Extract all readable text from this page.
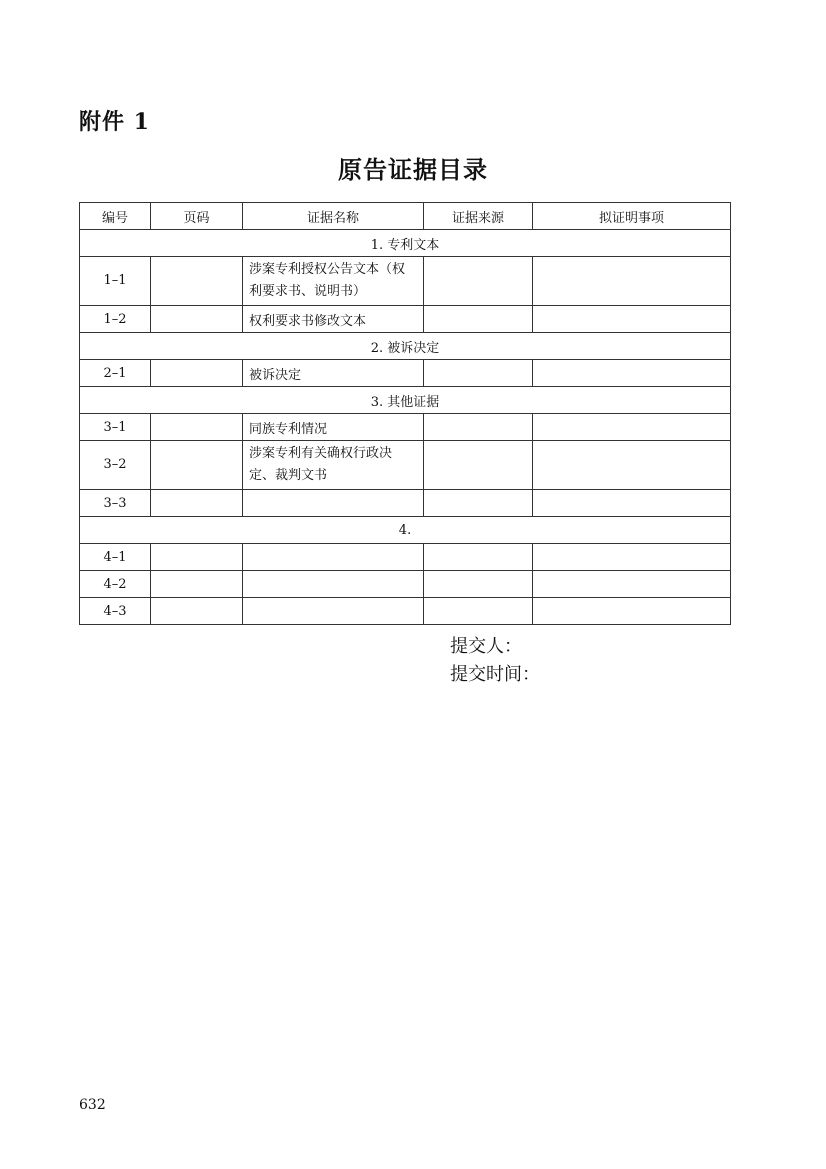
附件 1
原告证据目录
编号	页码	证据名称	证据来源	拟证明事项
1. 专利文本				
1–1		涉案专利授权公告文本（权利要求书、说明书）		
1–2		权利要求书修改文本		
2. 被诉决定				
2–1		被诉决定		
3. 其他证据				
3–1		同族专利情况		
3–2		涉案专利有关确权行政决定、裁判文书		
3–3				
4.				
4–1				
4–2				
4–3				
提交人：
提交时间：
632
